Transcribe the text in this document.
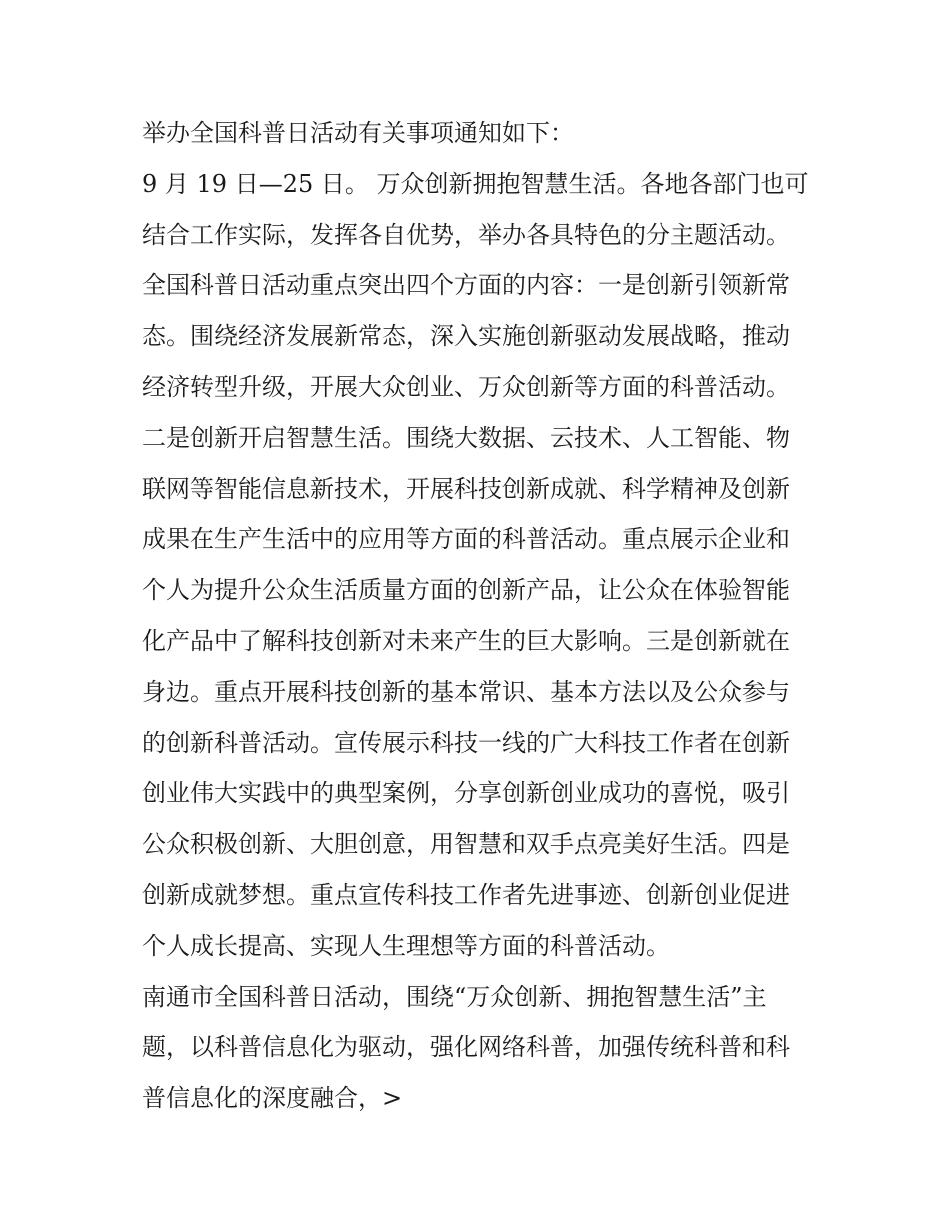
举办全国科普日活动有关事项通知如下：

9 月 19 日—25 日。 万众创新拥抱智慧生活。各地各部门也可
结合工作实际，发挥各自优势，举办各具特色的分主题活动。

全国科普日活动重点突出四个方面的内容：一是创新引领新常
态。围绕经济发展新常态，深入实施创新驱动发展战略，推动
经济转型升级，开展大众创业、万众创新等方面的科普活动。
二是创新开启智慧生活。围绕大数据、云技术、人工智能、物
联网等智能信息新技术，开展科技创新成就、科学精神及创新
成果在生产生活中的应用等方面的科普活动。重点展示企业和
个人为提升公众生活质量方面的创新产品，让公众在体验智能
化产品中了解科技创新对未来产生的巨大影响。三是创新就在
身边。重点开展科技创新的基本常识、基本方法以及公众参与
的创新科普活动。宣传展示科技一线的广大科技工作者在创新
创业伟大实践中的典型案例，分享创新创业成功的喜悦，吸引
公众积极创新、大胆创意，用智慧和双手点亮美好生活。四是
创新成就梦想。重点宣传科技工作者先进事迹、创新创业促进
个人成长提高、实现人生理想等方面的科普活动。

南通市全国科普日活动，围绕“万众创新、拥抱智慧生活”主
题，以科普信息化为驱动，强化网络科普，加强传统科普和科
普信息化的深度融合，>
